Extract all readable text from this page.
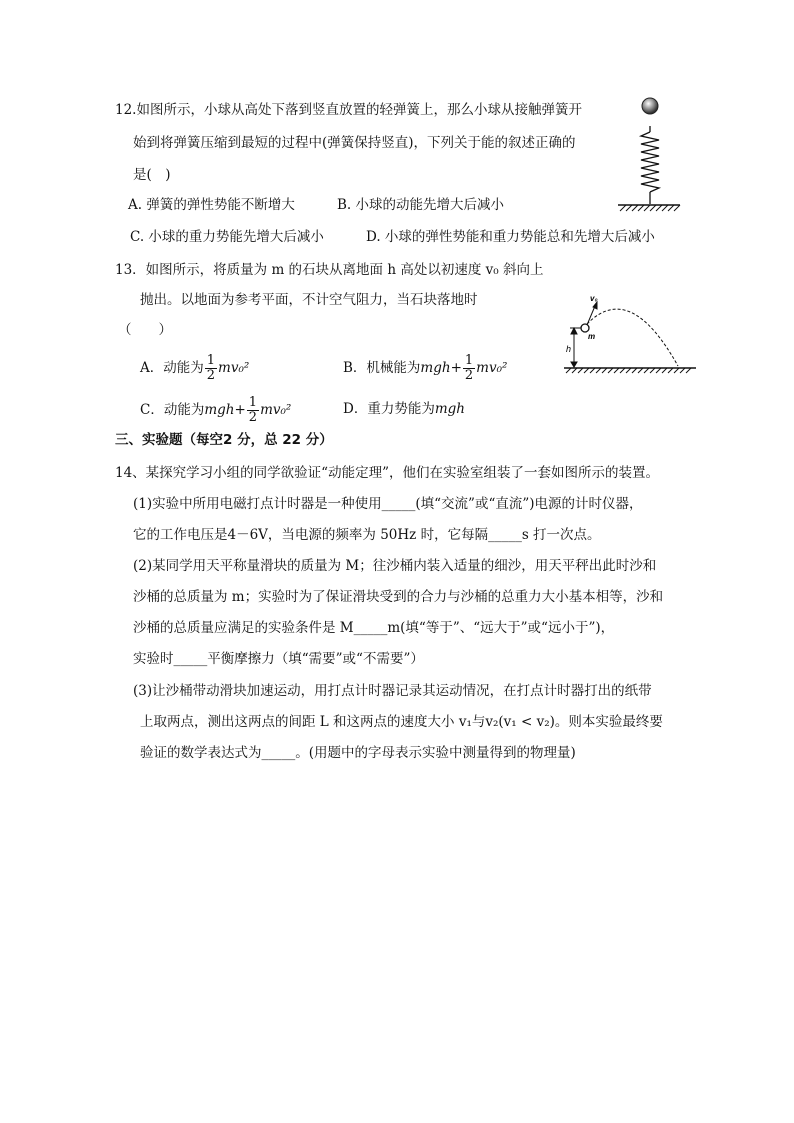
12.如图所示，小球从高处下落到竖直放置的轻弹簧上，那么小球从接触弹簧开
始到将弹簧压缩到最短的过程中(弹簧保持竖直)，下列关于能的叙述正确的
是(　)
A. 弹簧的弹性势能不断增大	B. 小球的动能先增大后减小
C. 小球的重力势能先增大后减小	D. 小球的弹性势能和重力势能总和先增大后减小
13．如图所示，将质量为 m 的石块从离地面 h 高处以初速度 v₀ 斜向上
抛出。以地面为参考平面，不计空气阻力，当石块落地时
（　　）
A．动能为 $\frac{1}{2} mv_0^2$	B．机械能为$mgh+ \frac{1}{2} mv_0^2$
C．动能为$mgh+ \frac{1}{2} mv_0^2$	D．重力势能为mgh
h
m
v₀
三、实验题（每空2 分，总 22 分）
14、某探究学习小组的同学欲验证“动能定理”，他们在实验室组装了一套如图所示的装置。
(1)实验中所用电磁打点计时器是一种使用_____(填“交流”或“直流”)电源的计时仪器，
它的工作电压是4－6V，当电源的频率为 50Hz 时，它每隔_____s 打一次点。
(2)某同学用天平称量滑块的质量为 M；往沙桶内装入适量的细沙，用天平秤出此时沙和
沙桶的总质量为 m；实验时为了保证滑块受到的合力与沙桶的总重力大小基本相等，沙和
沙桶的总质量应满足的实验条件是 M_____m(填“等于”、“远大于”或“远小于”)，
实验时_____平衡摩擦力（填“需要”或“不需要”）
(3)让沙桶带动滑块加速运动，用打点计时器记录其运动情况，在打点计时器打出的纸带
上取两点，测出这两点的间距 L 和这两点的速度大小 v₁与v₂(v₁ < v₂)。则本实验最终要
验证的数学表达式为_____。(用题中的字母表示实验中测量得到的物理量)
